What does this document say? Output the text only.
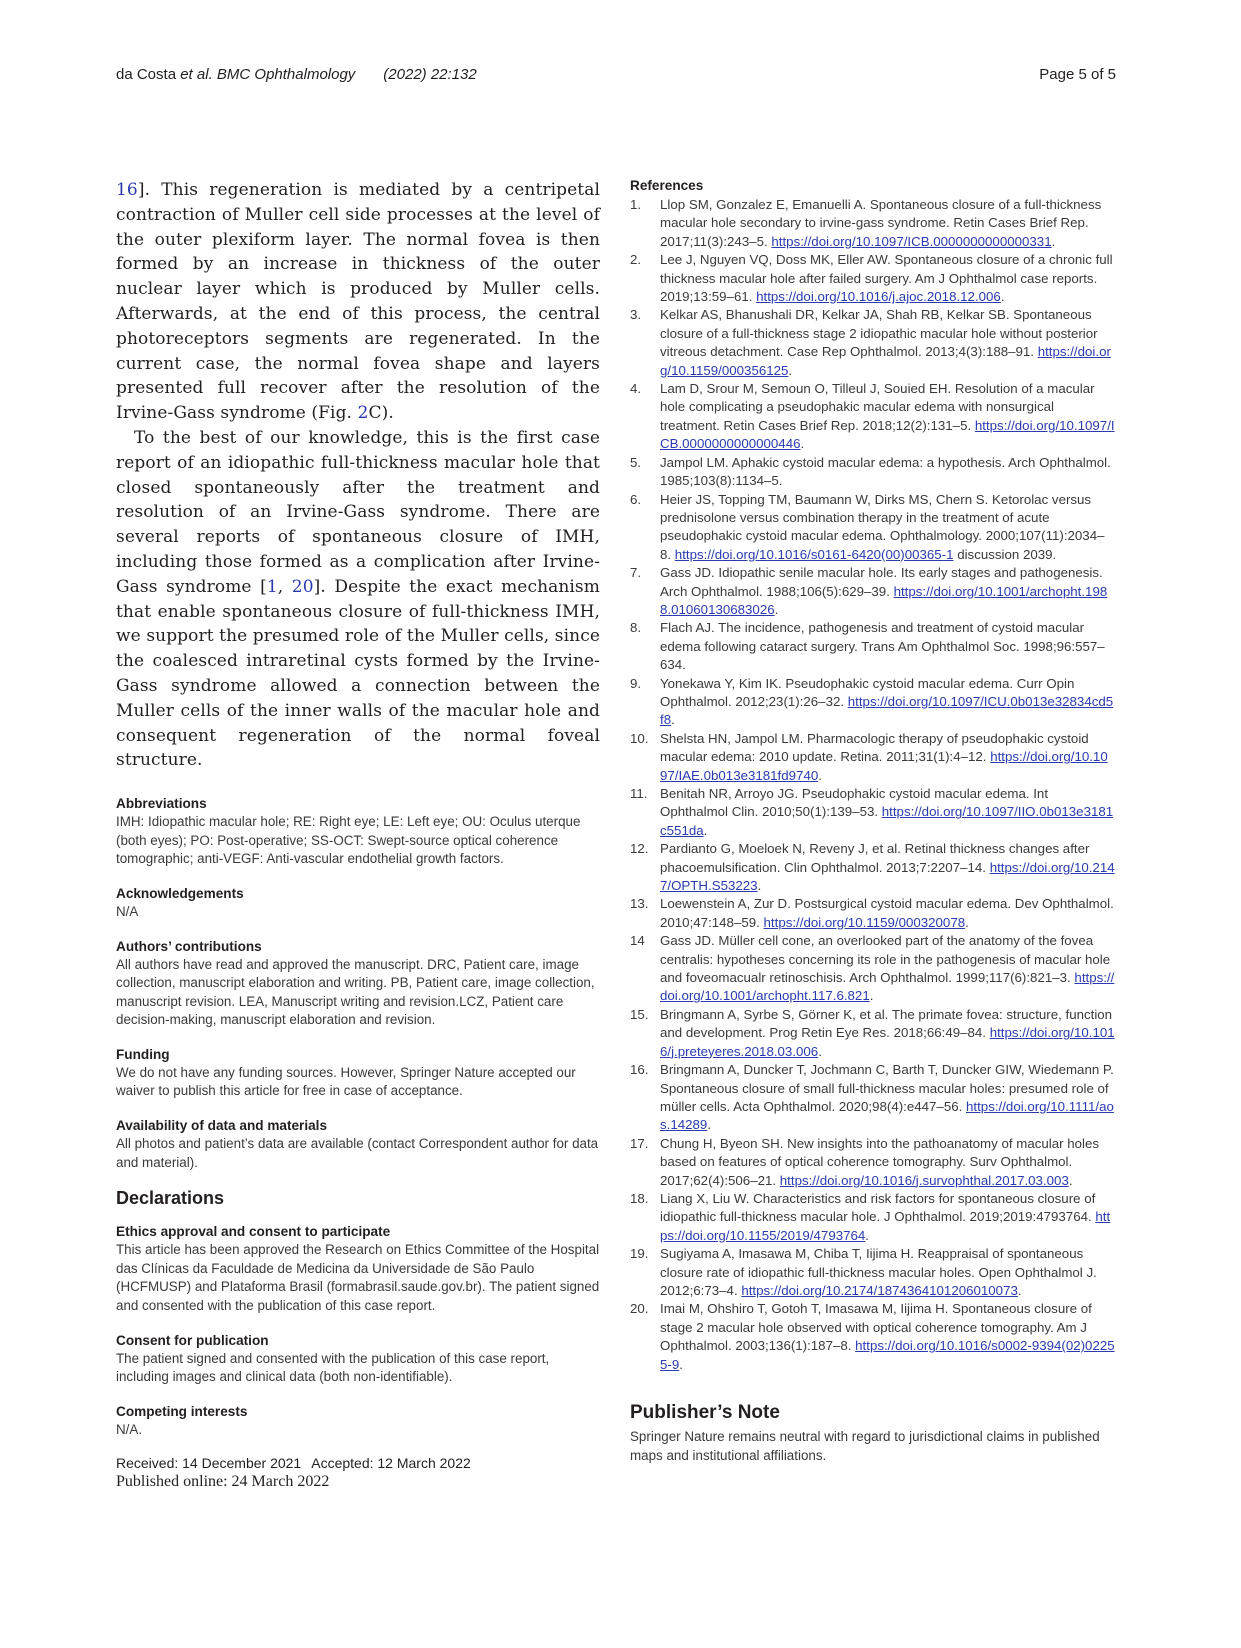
da Costa et al. BMC Ophthalmology (2022) 22:132	Page 5 of 5

16]. This regeneration is mediated by a centripetal contraction of Muller cell side processes at the level of the outer plexiform layer. The normal fovea is then formed by an increase in thickness of the outer nuclear layer which is produced by Muller cells. Afterwards, at the end of this process, the central photoreceptors segments are regenerated. In the current case, the normal fovea shape and layers presented full recover after the resolution of the Irvine-Gass syndrome (Fig. 2C).

To the best of our knowledge, this is the first case report of an idiopathic full-thickness macular hole that closed spontaneously after the treatment and resolution of an Irvine-Gass syndrome. There are several reports of spontaneous closure of IMH, including those formed as a complication after Irvine-Gass syndrome [1, 20]. Despite the exact mechanism that enable spontaneous closure of full-thickness IMH, we support the presumed role of the Muller cells, since the coalesced intraretinal cysts formed by the Irvine-Gass syndrome allowed a connection between the Muller cells of the inner walls of the macular hole and consequent regeneration of the normal foveal structure.

Abbreviations

IMH: Idiopathic macular hole; RE: Right eye; LE: Left eye; OU: Oculus uterque (both eyes); PO: Post-operative; SS-OCT: Swept-source optical coherence tomographic; anti-VEGF: Anti-vascular endothelial growth factors.

Acknowledgements

N/A

Authors’ contributions

All authors have read and approved the manuscript. DRC, Patient care, image collection, manuscript elaboration and writing. PB, Patient care, image collection, manuscript revision. LEA, Manuscript writing and revision.LCZ, Patient care decision-making, manuscript elaboration and revision.

Funding

We do not have any funding sources. However, Springer Nature accepted our waiver to publish this article for free in case of acceptance.

Availability of data and materials

All photos and patient’s data are available (contact Correspondent author for data and material).

Declarations

Ethics approval and consent to participate

This article has been approved the Research on Ethics Committee of the Hospital das Clínicas da Faculdade de Medicina da Universidade de São Paulo (HCFMUSP) and Plataforma Brasil (formabrasil.saude.gov.br). The patient signed and consented with the publication of this case report.

Consent for publication

The patient signed and consented with the publication of this case report, including images and clinical data (both non-identifiable).

Competing interests

N/A.

Received: 14 December 2021 Accepted: 12 March 2022

Published online: 24 March 2022

References

1.	Llop SM, Gonzalez E, Emanuelli A. Spontaneous closure of a full-thickness macular hole secondary to irvine-gass syndrome. Retin Cases Brief Rep. 2017;11(3):243–5. https://doi.org/10.1097/ICB.0000000000000331.
2.	Lee J, Nguyen VQ, Doss MK, Eller AW. Spontaneous closure of a chronic full thickness macular hole after failed surgery. Am J Ophthalmol case reports. 2019;13:59–61. https://doi.org/10.1016/j.ajoc.2018.12.006.
3.	Kelkar AS, Bhanushali DR, Kelkar JA, Shah RB, Kelkar SB. Spontaneous closure of a full-thickness stage 2 idiopathic macular hole without posterior vitreous detachment. Case Rep Ophthalmol. 2013;4(3):188–91. https://doi.org/10.1159/000356125.
4.	Lam D, Srour M, Semoun O, Tilleul J, Souied EH. Resolution of a macular hole complicating a pseudophakic macular edema with nonsurgical treatment. Retin Cases Brief Rep. 2018;12(2):131–5. https://doi.org/10.1097/ICB.0000000000000446.
5.	Jampol LM. Aphakic cystoid macular edema: a hypothesis. Arch Ophthalmol. 1985;103(8):1134–5.
6.	Heier JS, Topping TM, Baumann W, Dirks MS, Chern S. Ketorolac versus prednisolone versus combination therapy in the treatment of acute pseudophakic cystoid macular edema. Ophthalmology. 2000;107(11):2034–8. https://doi.org/10.1016/s0161-6420(00)00365-1 discussion 2039.
7.	Gass JD. Idiopathic senile macular hole. Its early stages and pathogenesis. Arch Ophthalmol. 1988;106(5):629–39. https://doi.org/10.1001/archopht.1988.01060130683026.
8.	Flach AJ. The incidence, pathogenesis and treatment of cystoid macular edema following cataract surgery. Trans Am Ophthalmol Soc. 1998;96:557–634.
9.	Yonekawa Y, Kim IK. Pseudophakic cystoid macular edema. Curr Opin Ophthalmol. 2012;23(1):26–32. https://doi.org/10.1097/ICU.0b013e32834cd5f8.
10. Shelsta HN, Jampol LM. Pharmacologic therapy of pseudophakic cystoid macular edema: 2010 update. Retina. 2011;31(1):4–12. https://doi.org/10.1097/IAE.0b013e3181fd9740.
11. Benitah NR, Arroyo JG. Pseudophakic cystoid macular edema. Int Ophthalmol Clin. 2010;50(1):139–53. https://doi.org/10.1097/IIO.0b013e3181c551da.
12. Pardianto G, Moeloek N, Reveny J, et al. Retinal thickness changes after phacoemulsification. Clin Ophthalmol. 2013;7:2207–14. https://doi.org/10.2147/OPTH.S53223.
13. Loewenstein A, Zur D. Postsurgical cystoid macular edema. Dev Ophthalmol. 2010;47:148–59. https://doi.org/10.1159/000320078.
14	Gass JD. Müller cell cone, an overlooked part of the anatomy of the fovea centralis: hypotheses concerning its role in the pathogenesis of macular hole and foveomacualr retinoschisis. Arch Ophthalmol. 1999;117(6):821–3. https://doi.org/10.1001/archopht.117.6.821.
15. Bringmann A, Syrbe S, Görner K, et al. The primate fovea: structure, function and development. Prog Retin Eye Res. 2018;66:49–84. https://doi.org/10.1016/j.preteyeres.2018.03.006.
16. Bringmann A, Duncker T, Jochmann C, Barth T, Duncker GIW, Wiedemann P. Spontaneous closure of small full-thickness macular holes: presumed role of müller cells. Acta Ophthalmol. 2020;98(4):e447–56. https://doi.org/10.1111/aos.14289.
17. Chung H, Byeon SH. New insights into the pathoanatomy of macular holes based on features of optical coherence tomography. Surv Ophthalmol. 2017;62(4):506–21. https://doi.org/10.1016/j.survophthal.2017.03.003.
18. Liang X, Liu W. Characteristics and risk factors for spontaneous closure of idiopathic full-thickness macular hole. J Ophthalmol. 2019;2019:4793764. https://doi.org/10.1155/2019/4793764.
19. Sugiyama A, Imasawa M, Chiba T, Iijima H. Reappraisal of spontaneous closure rate of idiopathic full-thickness macular holes. Open Ophthalmol J. 2012;6:73–4. https://doi.org/10.2174/1874364101206010073.
20. Imai M, Ohshiro T, Gotoh T, Imasawa M, Iijima H. Spontaneous closure of stage 2 macular hole observed with optical coherence tomography. Am J Ophthalmol. 2003;136(1):187–8. https://doi.org/10.1016/s0002-9394(02)02255-9.

Publisher’s Note

Springer Nature remains neutral with regard to jurisdictional claims in published maps and institutional affiliations.
